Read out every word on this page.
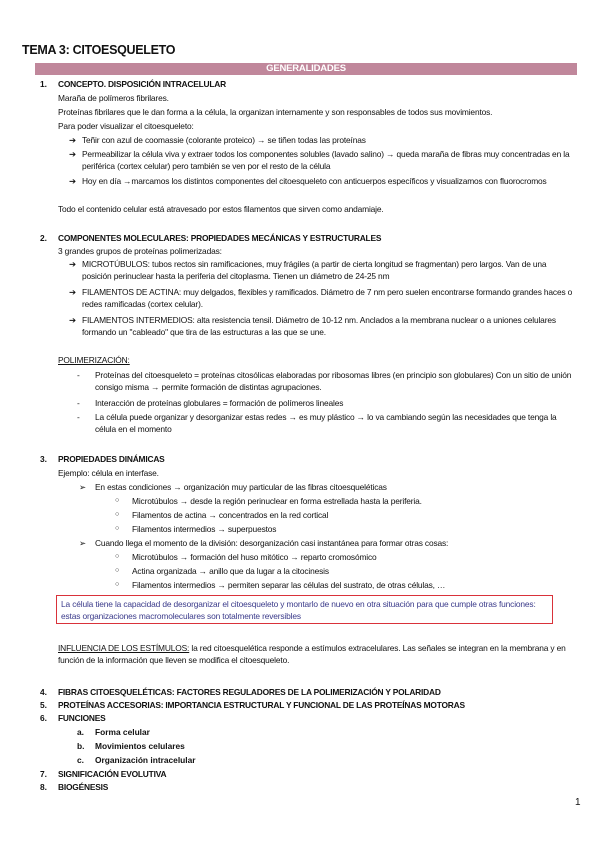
TEMA 3: CITOESQUELETO
GENERALIDADES
1. CONCEPTO. DISPOSICIÓN INTRACELULAR
Maraña de polímeros fibrilares.
Proteínas fibrilares que le dan forma a la célula, la organizan internamente y son responsables de todos sus movimientos.
Para poder visualizar el citoesqueleto:
➔ Teñir con azul de coomassie (colorante proteico) → se tiñen todas las proteínas
➔ Permeabilizar la célula viva y extraer todos los componentes solubles (lavado salino) → queda maraña de fibras muy concentradas en la periférica (cortex celular) pero también se ven por el resto de la célula
➔ Hoy en día →marcamos los distintos componentes del citoesqueleto con anticuerpos específicos y visualizamos con fluorocromos
Todo el contenido celular está atravesado por estos filamentos que sirven como andamiaje.
2. COMPONENTES MOLECULARES: PROPIEDADES MECÁNICAS Y ESTRUCTURALES
3 grandes grupos de proteínas polimerizadas:
➔ MICROTÚBULOS: tubos rectos sin ramificaciones, muy frágiles (a partir de cierta longitud se fragmentan) pero largos. Van de una posición perinuclear hasta la periferia del citoplasma. Tienen un diámetro de 24-25 nm
➔ FILAMENTOS DE ACTINA: muy delgados, flexibles y ramificados. Diámetro de 7 nm pero suelen encontrarse formando grandes haces o redes ramificadas (cortex celular).
➔ FILAMENTOS INTERMEDIOS: alta resistencia tensil. Diámetro de 10-12 nm. Anclados a la membrana nuclear o a uniones celulares formando un "cableado" que tira de las estructuras a las que se une.
POLIMERIZACIÓN:
- Proteínas del citoesqueleto = proteínas citosólicas elaboradas por ribosomas libres (en principio son globulares) Con un sitio de unión consigo misma → permite formación de distintas agrupaciones.
- Interacción de proteínas globulares = formación de polímeros lineales
- La célula puede organizar y desorganizar estas redes → es muy plástico → lo va cambiando según las necesidades que tenga la célula en el momento
3. PROPIEDADES DINÁMICAS
Ejemplo: célula en interfase.
➢ En estas condiciones → organización muy particular de las fibras citoesqueléticas
○ Microtúbulos → desde la región perinuclear en forma estrellada hasta la periferia.
○ Filamentos de actina → concentrados en la red cortical
○ Filamentos intermedios → superpuestos
➢ Cuando llega el momento de la división: desorganización casi instantánea para formar otras cosas:
○ Microtúbulos → formación del huso mitótico → reparto cromosómico
○ Actina organizada → anillo que da lugar a la citocinesis
○ Filamentos intermedios → permiten separar las células del sustrato, de otras células, …
La célula tiene la capacidad de desorganizar el citoesqueleto y montarlo de nuevo en otra situación para que cumple otras funciones: estas organizaciones macromoleculares son totalmente reversibles
INFLUENCIA DE LOS ESTÍMULOS: la red citoesquelética responde a estímulos extracelulares. Las señales se integran en la membrana y en función de la información que lleven se modifica el citoesqueleto.
4. FIBRAS CITOESQUELÉTICAS: FACTORES REGULADORES DE LA POLIMERIZACIÓN Y POLARIDAD
5. PROTEÍNAS ACCESORIAS: IMPORTANCIA ESTRUCTURAL Y FUNCIONAL DE LAS PROTEÍNAS MOTORAS
6. FUNCIONES
a. Forma celular
b. Movimientos celulares
c. Organización intracelular
7. SIGNIFICACIÓN EVOLUTIVA
8. BIOGÉNESIS
1
